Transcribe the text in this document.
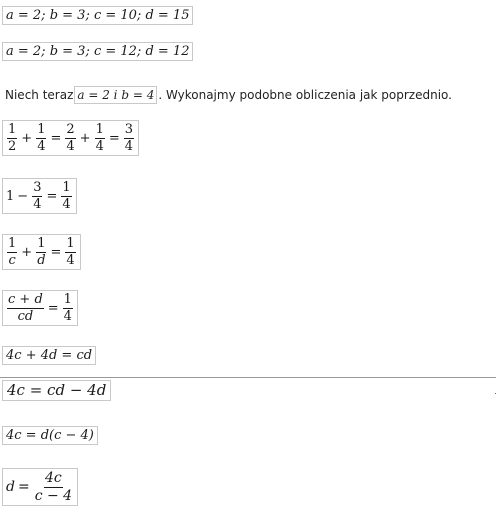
a = 2; b = 3; c = 10; d = 15
a = 2; b = 3; c = 12; d = 12
Niech teraz a = 2 i b = 4 . Wykonajmy podobne obliczenia jak poprzednio.
$\frac{1}{2} + \frac{1}{4} = \frac{2}{4} + \frac{1}{4} = \frac{3}{4}$
$1 - \frac{3}{4} = \frac{1}{4}$
$\frac{1}{c} + \frac{1}{d} = \frac{1}{4}$
$\frac{c + d}{cd} = \frac{1}{4}$
4c + 4d = cd
4c = cd − 4d
4c = d(c − 4)
$d = \frac{4c}{c - 4}$
